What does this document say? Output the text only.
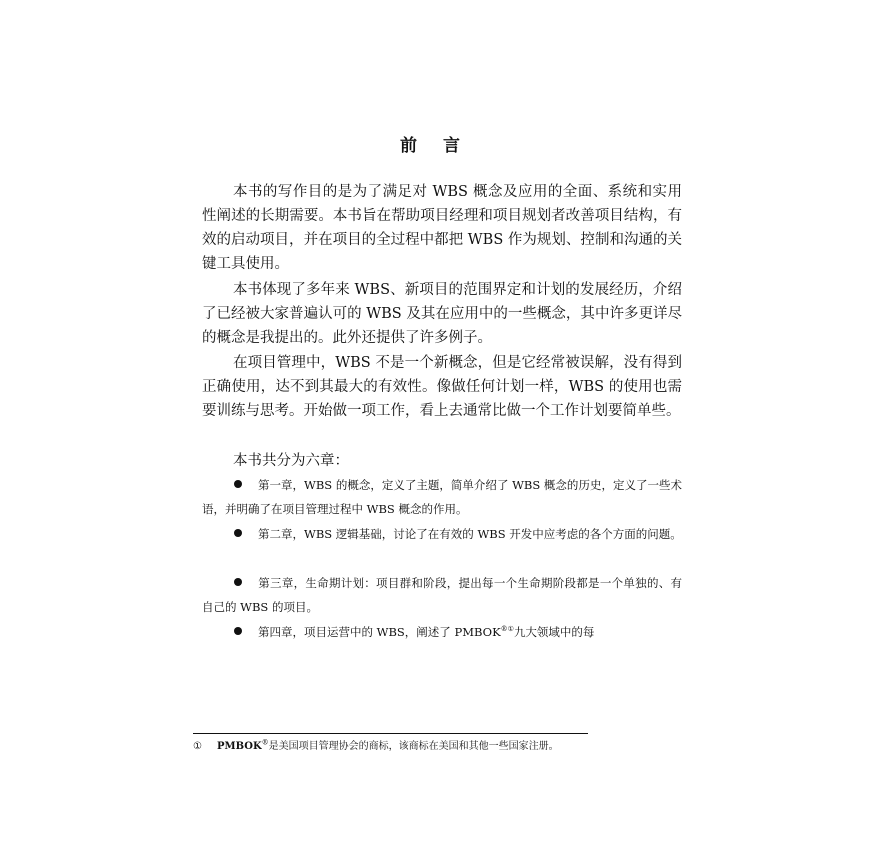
前 言

本书的写作目的是为了满足对 WBS 概念及应用的全面、系统和实用性阐述的长期需要。本书旨在帮助项目经理和项目规划者改善项目结构，有效的启动项目，并在项目的全过程中都把 WBS 作为规划、控制和沟通的关键工具使用。

本书体现了多年来 WBS、新项目的范围界定和计划的发展经历，介绍了已经被大家普遍认可的 WBS 及其在应用中的一些概念，其中许多更详尽的概念是我提出的。此外还提供了许多例子。

在项目管理中，WBS 不是一个新概念，但是它经常被误解，没有得到正确使用，达不到其最大的有效性。像做任何计划一样，WBS 的使用也需要训练与思考。开始做一项工作，看上去通常比做一个工作计划要简单些。

本书共分为六章：

第一章，WBS 的概念，定义了主题，简单介绍了 WBS 概念的历史，定义了一些术语，并明确了在项目管理过程中 WBS 概念的作用。

第二章，WBS 逻辑基础，讨论了在有效的 WBS 开发中应考虑的各个方面的问题。

第三章，生命期计划：项目群和阶段，提出每一个生命期阶段都是一个单独的、有自己的 WBS 的项目。

第四章，项目运营中的 WBS，阐述了 PMBOK®①九大领域中的每

① PMBOK®是美国项目管理协会的商标，该商标在美国和其他一些国家注册。
